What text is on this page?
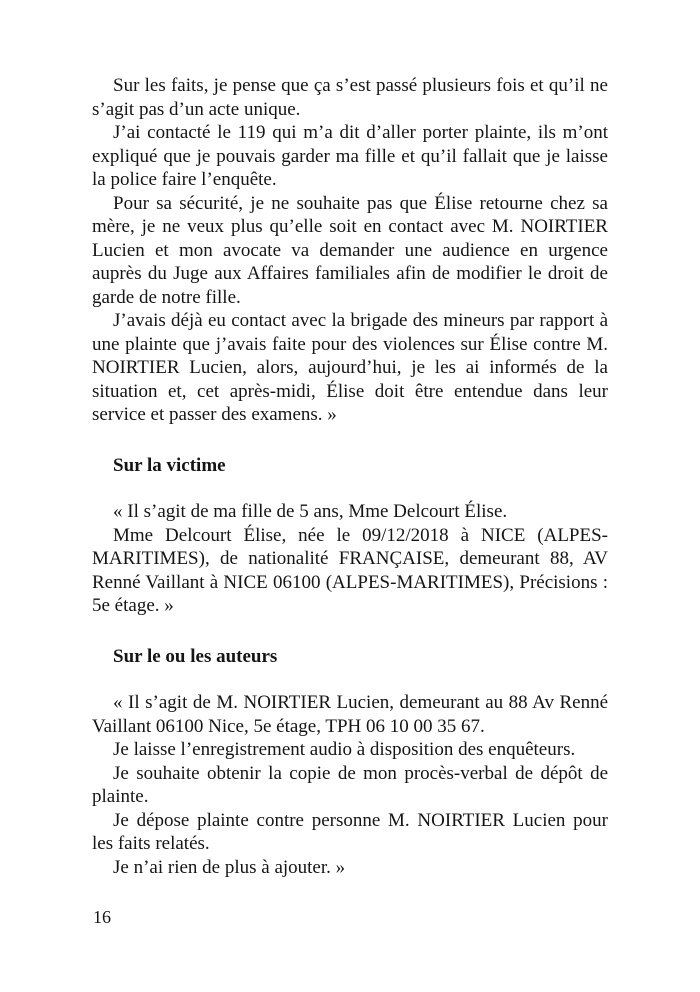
Sur les faits, je pense que ça s’est passé plusieurs fois et qu’il ne s’agit pas d’un acte unique.

J’ai contacté le 119 qui m’a dit d’aller porter plainte, ils m’ont expliqué que je pouvais garder ma fille et qu’il fallait que je laisse la police faire l’enquête.

Pour sa sécurité, je ne souhaite pas que Élise retourne chez sa mère, je ne veux plus qu’elle soit en contact avec M. NOIRTIER Lucien et mon avocate va demander une audience en urgence auprès du Juge aux Affaires familiales afin de modifier le droit de garde de notre fille.

J’avais déjà eu contact avec la brigade des mineurs par rapport à une plainte que j’avais faite pour des violences sur Élise contre M. NOIRTIER Lucien, alors, aujourd’hui, je les ai informés de la situation et, cet après-midi, Élise doit être entendue dans leur service et passer des examens. »

Sur la victime

« Il s’agit de ma fille de 5 ans, Mme Delcourt Élise.

Mme Delcourt Élise, née le 09/12/2018 à NICE (ALPES-MARITIMES), de nationalité FRANÇAISE, demeurant 88, AV Renné Vaillant à NICE 06100 (ALPES-MARITIMES), Précisions : 5e étage. »

Sur le ou les auteurs

« Il s’agit de M. NOIRTIER Lucien, demeurant au 88 Av Renné Vaillant 06100 Nice, 5e étage, TPH 06 10 00 35 67.

Je laisse l’enregistrement audio à disposition des enquêteurs.

Je souhaite obtenir la copie de mon procès-verbal de dépôt de plainte.

Je dépose plainte contre personne M. NOIRTIER Lucien pour les faits relatés.

Je n’ai rien de plus à ajouter. »

16
